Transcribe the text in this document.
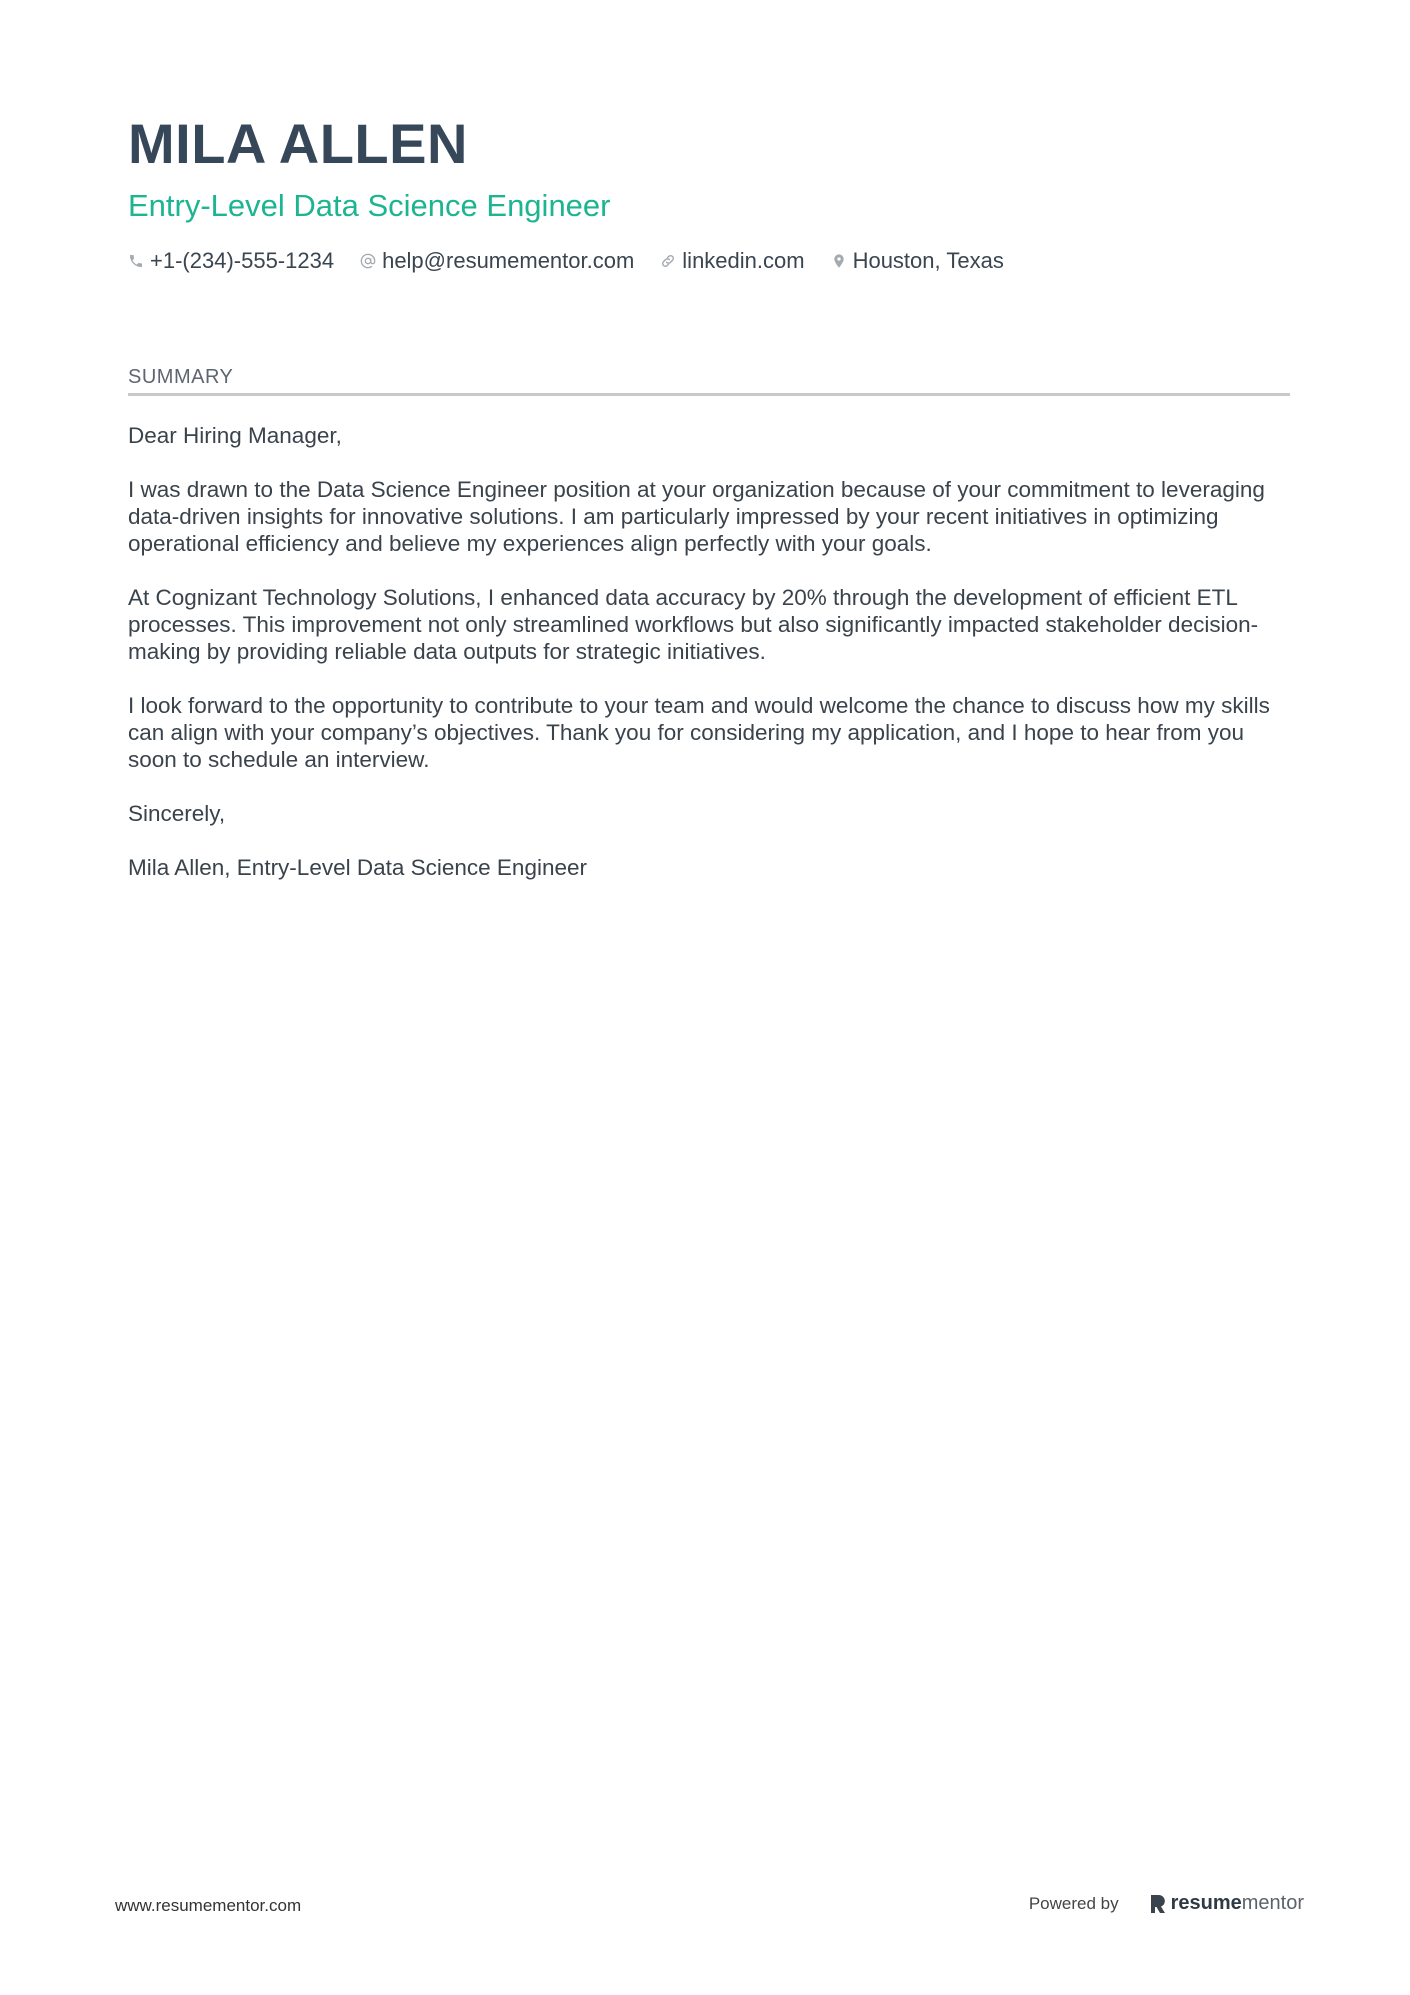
MILA ALLEN
Entry-Level Data Science Engineer
+1-(234)-555-1234 help@resumementor.com linkedin.com Houston, Texas
SUMMARY

Dear Hiring Manager,

I was drawn to the Data Science Engineer position at your organization because of your commitment to leveraging data-driven insights for innovative solutions. I am particularly impressed by your recent initiatives in optimizing operational efficiency and believe my experiences align perfectly with your goals.

At Cognizant Technology Solutions, I enhanced data accuracy by 20% through the development of efficient ETL processes. This improvement not only streamlined workflows but also significantly impacted stakeholder decision-making by providing reliable data outputs for strategic initiatives.

I look forward to the opportunity to contribute to your team and would welcome the chance to discuss how my skills can align with your company’s objectives. Thank you for considering my application, and I hope to hear from you soon to schedule an interview.

Sincerely,

Mila Allen, Entry-Level Data Science Engineer

www.resumementor.com	Powered by	resume mentor
